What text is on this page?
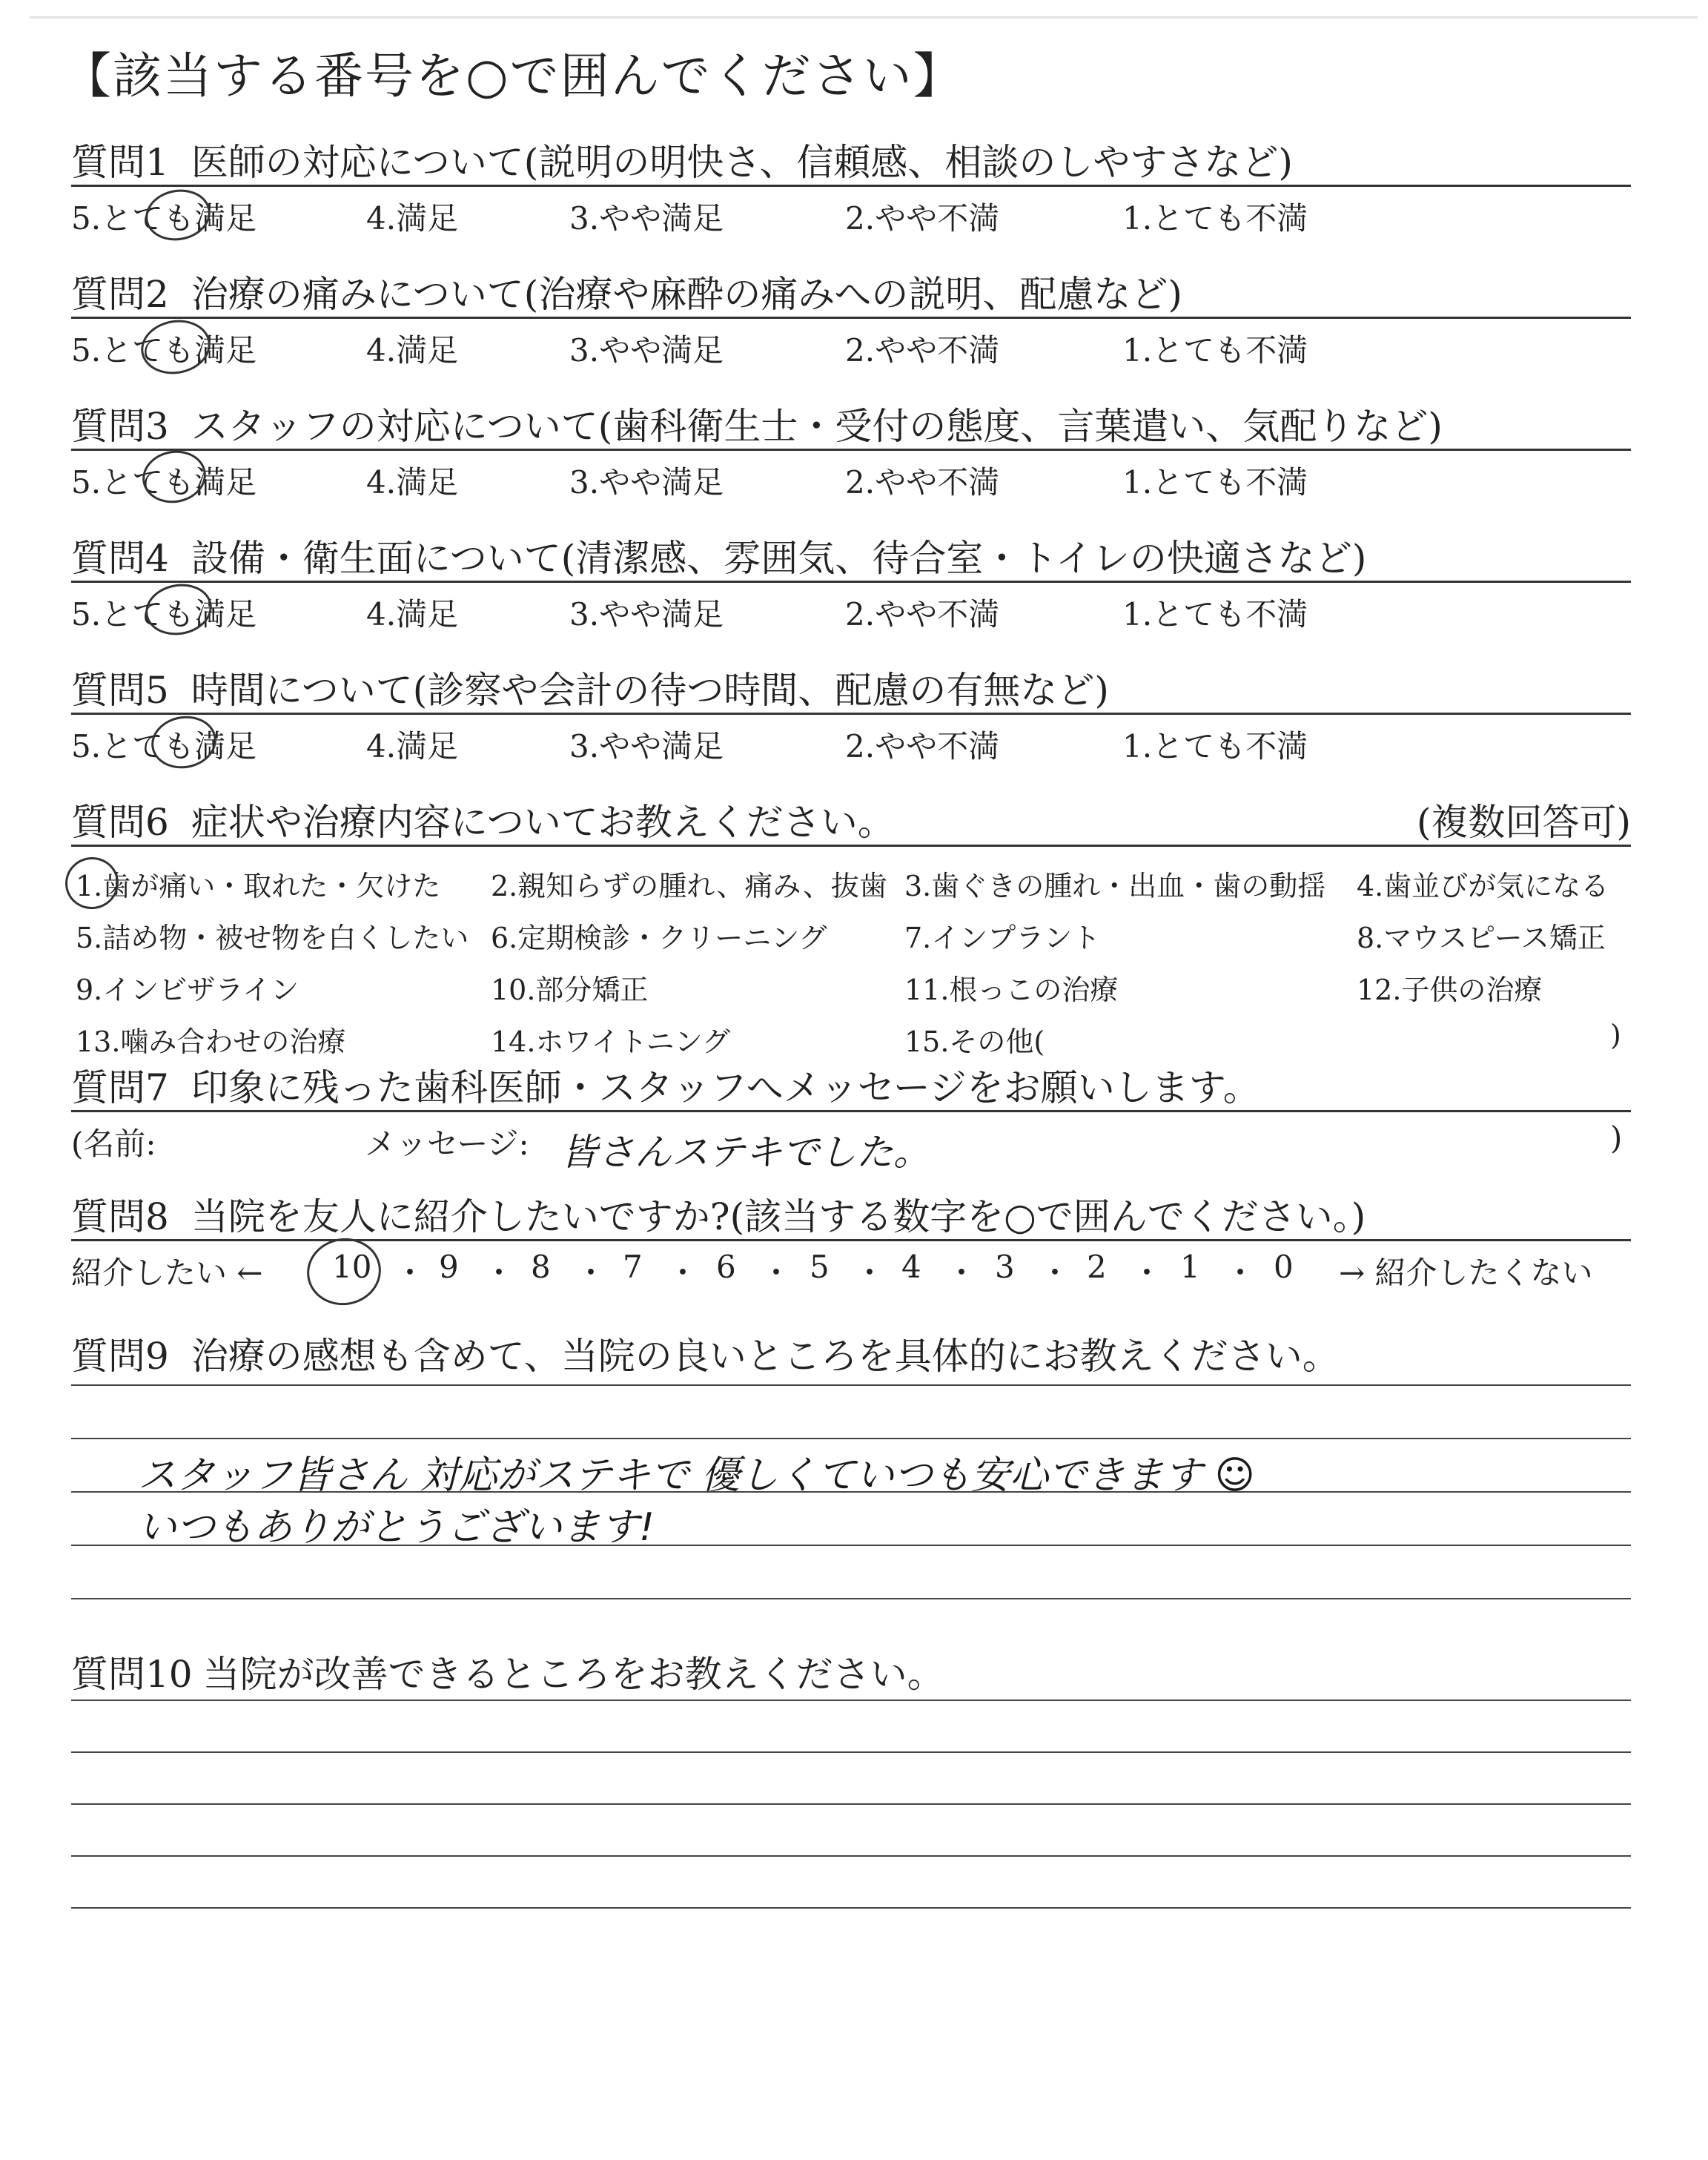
【該当する番号を○で囲んでください】
質問1 医師の対応について(説明の明快さ、信頼感、相談のしやすさなど)
5.とても満足	4.満足	3.やや満足	2.やや不満	1.とても不満
質問2 治療の痛みについて(治療や麻酔の痛みへの説明、配慮など)
5.とても満足	4.満足	3.やや満足	2.やや不満	1.とても不満
質問3 スタッフの対応について(歯科衛生士・受付の態度、言葉遣い、気配りなど)
5.とても満足	4.満足	3.やや満足	2.やや不満	1.とても不満
質問4 設備・衛生面について(清潔感、雰囲気、待合室・トイレの快適さなど)
5.とても満足	4.満足	3.やや満足	2.やや不満	1.とても不満
質問5 時間について(診察や会計の待つ時間、配慮の有無など)
5.とても満足	4.満足	3.やや満足	2.やや不満	1.とても不満
質問6 症状や治療内容についてお教えください。	(複数回答可)
1.歯が痛い・取れた・欠けた 2.親知らずの腫れ、痛み、抜歯 3.歯ぐきの腫れ・出血・歯の動揺 4.歯並びが気になる
5.詰め物・被せ物を白くしたい 6.定期検診・クリーニング	7.インプラント	8.マウスピース矯正
9.インビザライン	10.部分矯正	11.根っこの治療	12.子供の治療
13.噛み合わせの治療	14.ホワイトニング	15.その他(	)
質問7 印象に残った歯科医師・スタッフへメッセージをお願いします。
(名前:	メッセージ: 皆さんステキでした。	)
質問8 当院を友人に紹介したいですか?(該当する数字を○で囲んでください。)
紹介したい ← 10 ・ 9 ・ 8 ・ 7 ・ 6 ・ 5 ・ 4 ・ 3 ・ 2 ・ 1 ・ 0 → 紹介したくない
質問9 治療の感想も含めて、当院の良いところを具体的にお教えください。
スタッフ皆さん 対応がステキで 優しくていつも安心できます ☺
いつもありがとうございます!
質問10 当院が改善できるところをお教えください。
